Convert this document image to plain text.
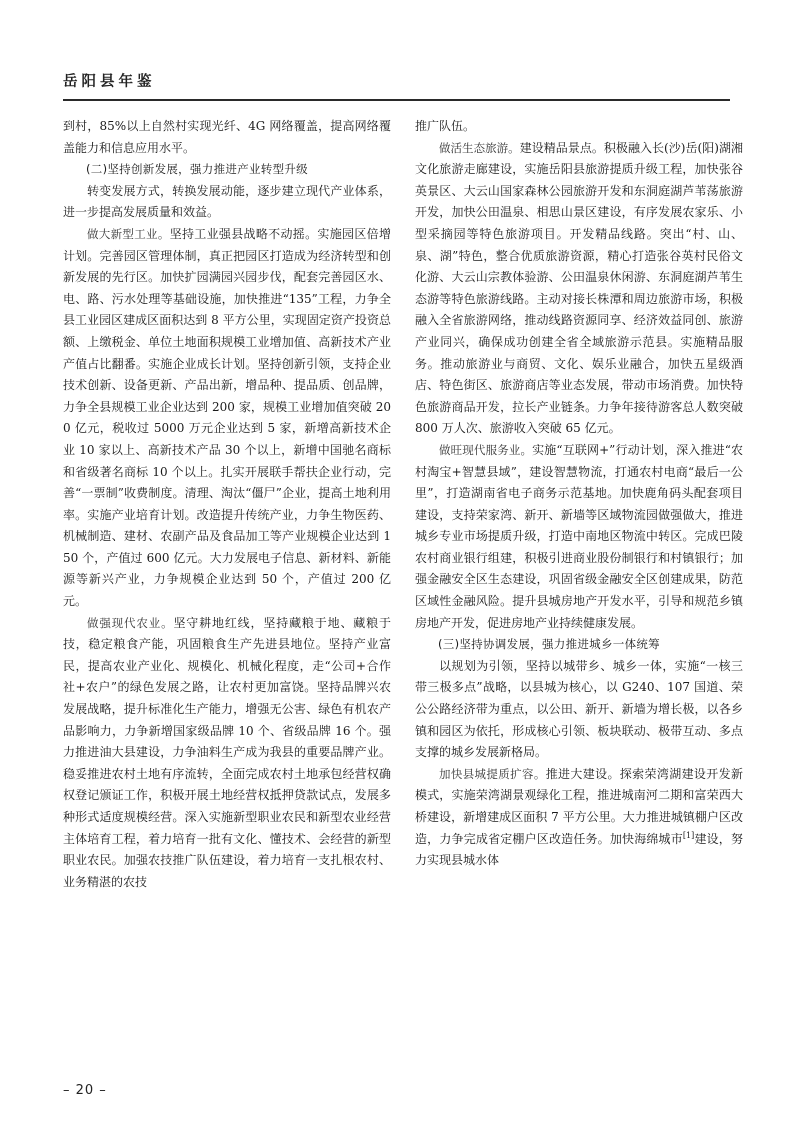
岳阳县年鉴

到村，85%以上自然村实现光纤、4G 网络覆盖，提高网络覆盖能力和信息应用水平。

(二)坚持创新发展，强力推进产业转型升级

转变发展方式，转换发展动能，逐步建立现代产业体系，进一步提高发展质量和效益。

做大新型工业。坚持工业强县战略不动摇。实施园区倍增计划。完善园区管理体制，真正把园区打造成为经济转型和创新发展的先行区。加快扩园满园兴园步伐，配套完善园区水、电、路、污水处理等基础设施，加快推进“135”工程，力争全县工业园区建成区面积达到 8 平方公里，实现固定资产投资总额、上缴税金、单位土地面积规模工业增加值、高新技术产业产值占比翻番。实施企业成长计划。坚持创新引领，支持企业技术创新、设备更新、产品出新，增品种、提品质、创品牌，力争全县规模工业企业达到 200 家，规模工业增加值突破 200 亿元，税收过 5000 万元企业达到 5 家，新增高新技术企业 10 家以上、高新技术产品 30 个以上，新增中国驰名商标和省级著名商标 10 个以上。扎实开展联手帮扶企业行动，完善“一票制”收费制度。清理、淘汰“僵尸”企业，提高土地利用率。实施产业培育计划。改造提升传统产业，力争生物医药、机械制造、建材、农副产品及食品加工等产业规模企业达到 150 个，产值过 600 亿元。大力发展电子信息、新材料、新能源等新兴产业，力争规模企业达到 50 个，产值过 200 亿元。

做强现代农业。坚守耕地红线，坚持藏粮于地、藏粮于技，稳定粮食产能，巩固粮食生产先进县地位。坚持产业富民，提高农业产业化、规模化、机械化程度，走“公司+合作社+农户”的绿色发展之路，让农村更加富饶。坚持品牌兴农发展战略，提升标准化生产能力，增强无公害、绿色有机农产品影响力，力争新增国家级品牌 10 个、省级品牌 16 个。强力推进油大县建设，力争油料生产成为我县的重要品牌产业。稳妥推进农村土地有序流转，全面完成农村土地承包经营权确权登记颁证工作，积极开展土地经营权抵押贷款试点，发展多种形式适度规模经营。深入实施新型职业农民和新型农业经营主体培育工程，着力培育一批有文化、懂技术、会经营的新型职业农民。加强农技推广队伍建设，着力培育一支扎根农村、业务精湛的农技

推广队伍。

做活生态旅游。建设精品景点。积极融入长(沙)岳(阳)湖湘文化旅游走廊建设，实施岳阳县旅游提质升级工程，加快张谷英景区、大云山国家森林公园旅游开发和东洞庭湖芦苇荡旅游开发，加快公田温泉、相思山景区建设，有序发展农家乐、小型采摘园等特色旅游项目。开发精品线路。突出“村、山、泉、湖”特色，整合优质旅游资源，精心打造张谷英村民俗文化游、大云山宗教体验游、公田温泉休闲游、东洞庭湖芦苇生态游等特色旅游线路。主动对接长株潭和周边旅游市场，积极融入全省旅游网络，推动线路资源同享、经济效益同创、旅游产业同兴，确保成功创建全省全域旅游示范县。实施精品服务。推动旅游业与商贸、文化、娱乐业融合，加快五星级酒店、特色街区、旅游商店等业态发展，带动市场消费。加快特色旅游商品开发，拉长产业链条。力争年接待游客总人数突破 800 万人次、旅游收入突破 65 亿元。

做旺现代服务业。实施“互联网+”行动计划，深入推进“农村淘宝+智慧县域”，建设智慧物流，打通农村电商“最后一公里”，打造湖南省电子商务示范基地。加快鹿角码头配套项目建设，支持荣家湾、新开、新墙等区域物流园做强做大，推进城乡专业市场提质升级，打造中南地区物流中转区。完成巴陵农村商业银行组建，积极引进商业股份制银行和村镇银行；加强金融安全区生态建设，巩固省级金融安全区创建成果，防范区域性金融风险。提升县城房地产开发水平，引导和规范乡镇房地产开发，促进房地产业持续健康发展。

(三)坚持协调发展，强力推进城乡一体统筹

以规划为引领，坚持以城带乡、城乡一体，实施“一核三带三极多点”战略，以县城为核心，以 G240、107 国道、荣公公路经济带为重点，以公田、新开、新墙为增长极，以各乡镇和园区为依托，形成核心引领、板块联动、极带互动、多点支撑的城乡发展新格局。

加快县城提质扩容。推进大建设。探索荣湾湖建设开发新模式，实施荣湾湖景观绿化工程，推进城南河二期和富荣西大桥建设，新增建成区面积 7 平方公里。大力推进城镇棚户区改造，力争完成省定棚户区改造任务。加快海绵城市[1]建设，努力实现县城水体

– 20 –
